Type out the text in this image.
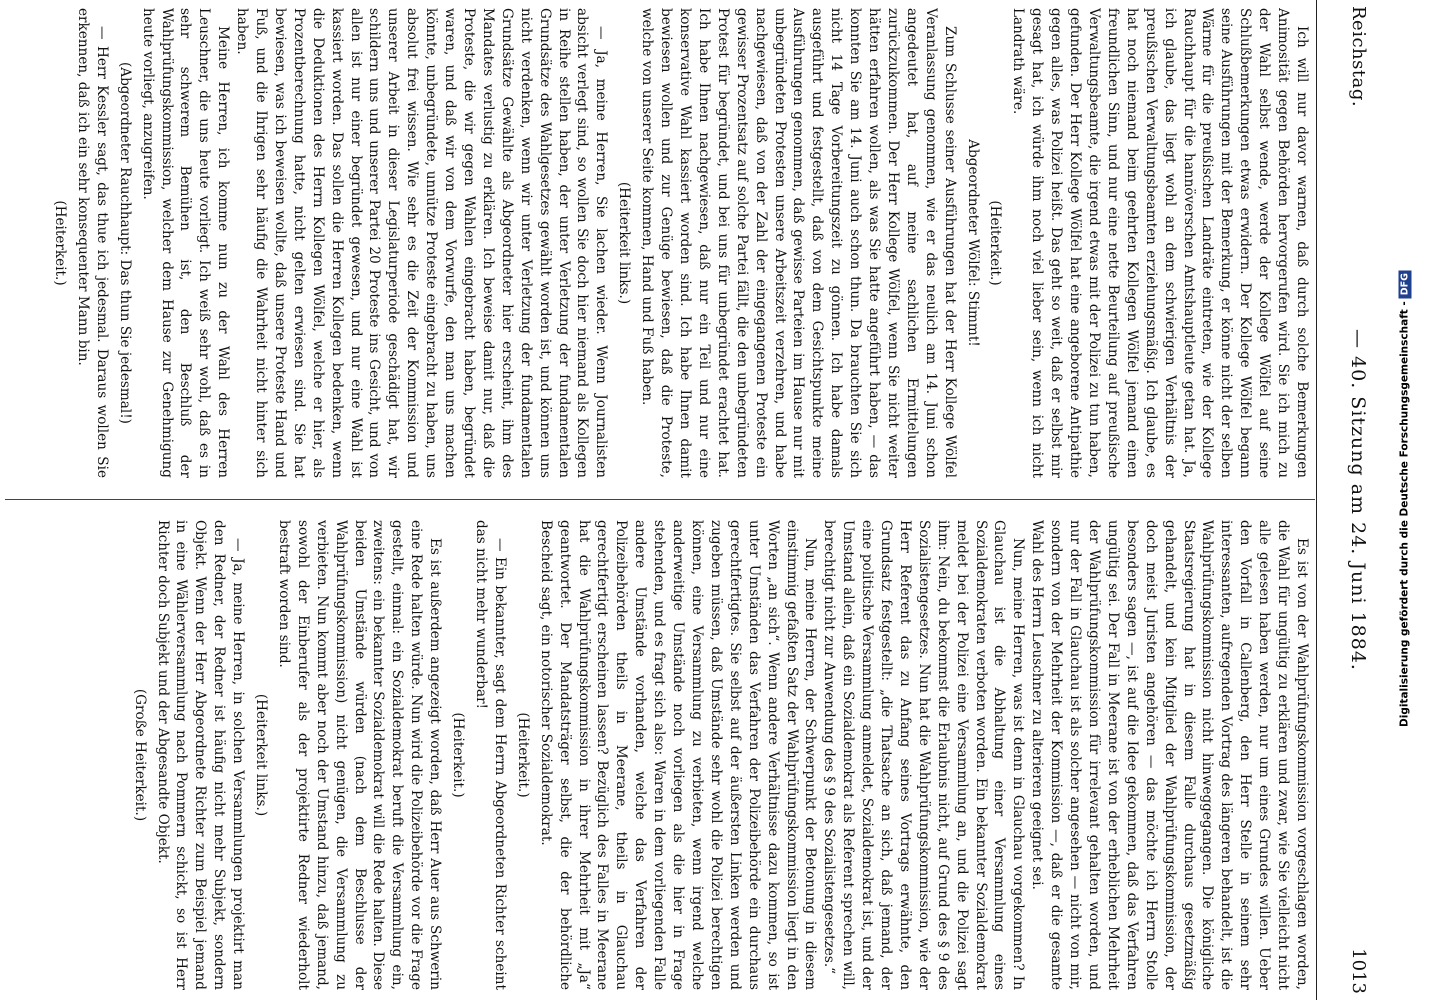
Reichstag.
— 40. Sitzung am 24. Juni 1884.
1013

Ich will nur davor warnen, daß durch solche Bemerkungen Animosität gegen Behörden hervorgerufen wird. Sie ich mich zu der Wahl selbst wende, werde der Kollege Wölfel auf seine Schlußbemerkungen etwas erwidern. Der Kollege Wölfel begann seine Ausführungen mit der Bemerkung, er könne nicht der selben Wärme für die preußischen Landräte eintreten, wie der Kollege Rauchhaupt für die hannöverschen Amtshauptleute getan hat. Ja, ich glaube, das liegt wohl an dem schwierigen Verhältnis der preußischen Verwaltungsbeamten erziehungsmäßig. Ich glaube, es hat noch niemand beim geehrten Kollegen Wölfel jemand einen freundlichen Sinn, und nur eine nette Beurteilung auf preußische Verwaltungsbeamte, die irgend etwas mit der Polizei zu tun haben, gefunden. Der Herr Kollege Wölfel hat eine angeborene Antipathie gegen alles, was Polizei heißt. Das geht so weit, daß er selbst mir gesagt hat, ich würde ihm noch viel lieber sein, wenn ich nicht Landrath wäre.

(Heiterkeit.)

Abgeordneter Wölfel: Stimmt!

Zum Schlusse seiner Ausführungen hat der Herr Kollege Wölfel Veranlassung genommen, wie er das neulich am 14. Juni schon angedeutet hat, auf meine sachlichen Ermittelungen zurückzukommen. Der Herr Kollege Wölfel, wenn Sie nicht weiter hätten erfahren wollen, als was Sie hatte angeführt haben, — das konnten Sie am 14. Juni auch schon thun. Da brauchten Sie sich nicht 14 Tage Vorbereitungszeit zu gönnen. Ich habe damals ausgeführt und festgestellt, daß von dem Gesichtspunkte meine Ausführungen genommen, daß gewisse Parteien im Hause nur mit unbegründeten Protesten unsere Arbeitszeit verzehren, und habe nachgewiesen, daß von der Zahl der eingegangenen Proteste ein gewisser Prozentsatz auf solche Partei fällt, die den unbegründeten Protest für begründet, und bei uns für unbegründet erachtet hat. Ich habe Ihnen nachgewiesen, daß nur ein Teil und nur eine konservative Wahl kassiert worden sind. Ich habe Ihnen damit bewiesen wollen und zur Genüge bewiesen, daß die Proteste, welche von unserer Seite kommen, Hand und Fuß haben.

(Heiterkeit links.)

— Ja, meine Herren, Sie lachen wieder. Wenn Journalisten absicht verlegt sind, so wollen Sie doch hier niemand als Kollegen in Reihe stellen haben, der unter Verletzung der fundamentalen Grundsätze des Wahlgesetzes gewählt worden ist, und können uns nicht verdenken, wenn wir unter Verletzung der fundamentalen Grundsätze Gewählte als Abgeordneter hier erscheint, ihm des Mandates verlustig zu erklären. Ich beweise damit nur, daß die Proteste, die wir gegen Wahlen eingebracht haben, begründet waren, und daß wir von dem Vorwurfe, den man uns machen könnte, unbegründete, unnütze Proteste eingebracht zu haben, uns absolut frei wissen. Wie sehr es die Zeit der Kommission und unserer Arbeit in dieser Legislaturperiode geschädigt hat, wir schildern uns und unserer Partei 20 Proteste ins Gesicht, und von allen ist nur einer begründet gewesen, und nur eine Wahl ist kassiert worden. Das sollen die Herren Kollegen bedenken, wenn die Deduktionen des Herrn Kollegen Wölfel, welche er hier, als Prozentberechnung hatte, nicht gelten erwiesen sind. Sie hat bewiesen, was ich beweisen wollte, daß unsere Proteste Hand und Fuß, und die Ihrigen sehr häufig die Wahrheit nicht hinter sich haben.

Meine Herren, ich komme nun zu der Wahl des Herren Leuschner, die uns heute vorliegt. Ich weiß sehr wohl, daß es in sehr schwerem Bemühen ist, den Beschluß der Wahlprüfungskommission, welcher dem Hause zur Genehmigung heute vorliegt, anzugreifen.

(Abgeordneter Rauchhaupt: Das thun Sie jedesmal!)

— Herr Kessler sagt, das thue ich jedesmal. Daraus wollen Sie erkennen, daß ich ein sehr konsequenter Mann bin.

(Heiterkeit.)

Es ist von der Wahlprüfungskommission vorgeschlagen worden, die Wahl für ungültig zu erklären und zwar, wie Sie vielleicht nicht alle gelesen haben werden, nur um eines Grundes willen. Ueber den Vorfall in Callenberg, den Herr Stelle in seinem sehr interessanten, aufregenden Vortrag des längeren behandelt, ist die Wahlprüfungskommission nicht hinweggegangen. Die königliche Staatsregierung hat in diesem Falle durchaus gesetzmäßig gehandelt, und kein Mitglied der Wahlprüfungskommission, der doch meist Juristen angehören — das möchte ich Herrn Stolle besonders sagen —, ist auf die Idee gekommen, daß das Verfahren ungültig sei. Der Fall in Meerane ist von der erheblichen Mehrheit der Wahlprüfungskommission für irrelevant gehalten worden, und nur der Fall in Glauchau ist als solcher angesehen — nicht von mir, sondern von der Mehrheit der Kommission —, daß er die gesamte Wahl des Herrn Leuschner zu alterieren geeignet sei.

Nun, meine Herren, was ist denn in Glauchau vorgekommen? In Glauchau ist die Abhaltung einer Versammlung eines Sozialdemokraten verboten worden. Ein bekannter Sozialdemokrat meldet bei der Polizei eine Versammlung an, und die Polizei sagt ihm: Nein, du bekommst die Erlaubnis nicht, auf Grund des § 9 des Sozialistengesetzes. Nun hat die Wahlprüfungskommission, wie der Herr Referent das zu Anfang seines Vortrags erwähnte, den Grundsatz festgestellt: „die Thatsache an sich, daß jemand, der eine politische Versammlung anmeldet, Sozialdemokrat ist, und der Umstand allein, daß ein Sozialdemokrat als Referent sprechen will, berechtigt nicht zur Anwendung des § 9 des Sozialistengesetzes.“

Nun, meine Herren, der Schwerpunkt der Betonung in diesem einstimmig gefaßten Satz der Wahlprüfungskommission liegt in den Worten „an sich“. Wenn andere Verhältnisse dazu kommen, so ist unter Umständen das Verfahren der Polizeibehörde ein durchaus gerechtfertigtes. Sie selbst auf der äußersten Linken werden und zugeben müssen, daß Umstände sehr wohl die Polizei berechtigen können, eine Versammlung zu verbieten, wenn irgend welche anderweitige Umstände noch vorliegen als die hier in Frage stehenden, und es fragt sich also: Waren in dem vorliegenden Falle andere Umstände vorhanden, welche das Verfahren der Polizeibehörden theils in Meerane, theils in Glauchau gerechtfertigt erscheinen lassen? Bezüglich des Falles in Meerane hat die Wahlprüfungskommission in ihrer Mehrheit mit „Ja“ geantwortet. Der Mandatsträger selbst, die der behördliche Bescheid sagt, ein notorischer Sozialdemokrat.

(Heiterkeit.)

— Ein bekannter, sagt dem Herrn Abgeordneten Richter scheint das nicht mehr wunderbar!

(Heiterkeit.)

Es ist außerdem angezeigt worden, daß Herr Auer aus Schwerin eine Rede halten würde. Nun wird die Polizeibehörde vor die Frage gestellt, einmal: ein Sozialdemokrat beruft die Versammlung ein, zweitens: ein bekannter Sozialdemokrat will die Rede halten. Diese beiden Umstände würden (nach dem Beschlusse der Wahlprüfungskommission) nicht genügen, die Versammlung zu verbieten. Nun kommt aber noch der Umstand hinzu, daß jemand, sowohl der Einberufer als der projektirte Redner wiederholt bestraft worden sind.

(Heiterkeit links.)

— Ja, meine Herren, in solchen Versammlungen projektirt man den Redner, der Redner ist häufig nicht mehr Subjekt, sondern Objekt. Wenn der Herr Abgeordnete Richter zum Beispiel jemand in eine Wählerversammlung nach Pommern schickt, so ist Herr Richter doch Subjekt und der Abgesandte Objekt.

(Große Heiterkeit.)

Digitalisierung gefördert durch die Deutsche Forschungsgemeinschaft -DFG
